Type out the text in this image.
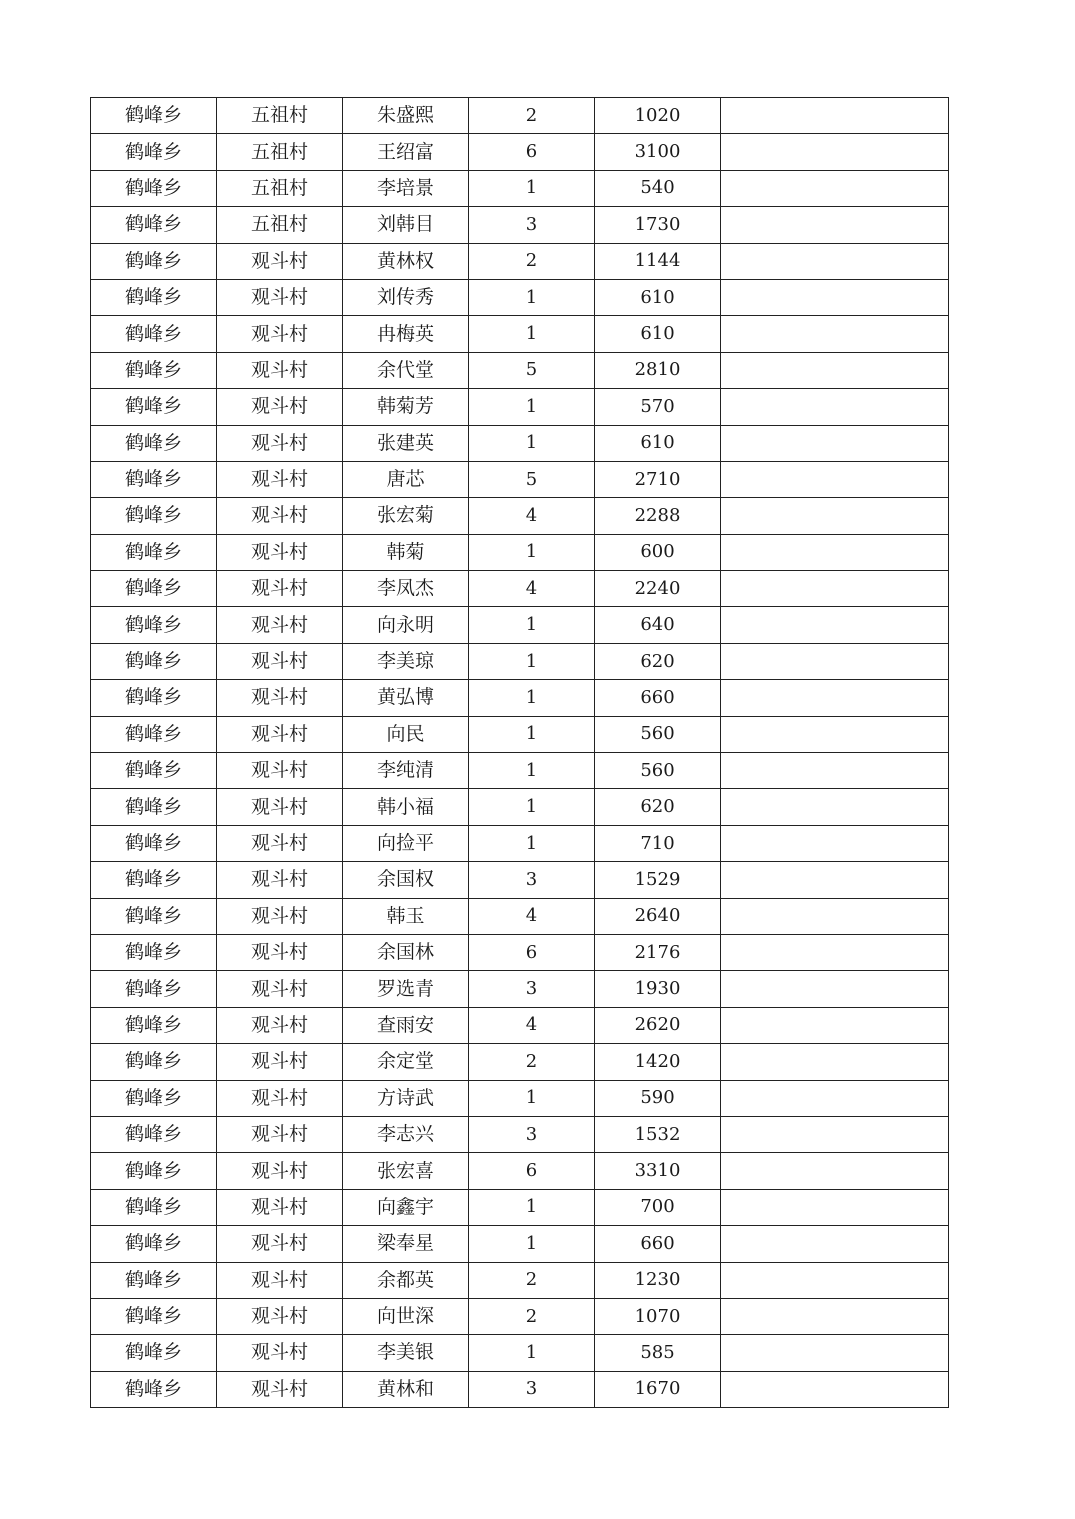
鹤峰乡	五祖村	朱盛熙	2	1020	
鹤峰乡	五祖村	王绍富	6	3100	
鹤峰乡	五祖村	李培景	1	540	
鹤峰乡	五祖村	刘韩目	3	1730	
鹤峰乡	观斗村	黄林权	2	1144	
鹤峰乡	观斗村	刘传秀	1	610	
鹤峰乡	观斗村	冉梅英	1	610	
鹤峰乡	观斗村	余代堂	5	2810	
鹤峰乡	观斗村	韩菊芳	1	570	
鹤峰乡	观斗村	张建英	1	610	
鹤峰乡	观斗村	唐芯	5	2710	
鹤峰乡	观斗村	张宏菊	4	2288	
鹤峰乡	观斗村	韩菊	1	600	
鹤峰乡	观斗村	李凤杰	4	2240	
鹤峰乡	观斗村	向永明	1	640	
鹤峰乡	观斗村	李美琼	1	620	
鹤峰乡	观斗村	黄弘博	1	660	
鹤峰乡	观斗村	向民	1	560	
鹤峰乡	观斗村	李纯清	1	560	
鹤峰乡	观斗村	韩小福	1	620	
鹤峰乡	观斗村	向捡平	1	710	
鹤峰乡	观斗村	余国权	3	1529	
鹤峰乡	观斗村	韩玉	4	2640	
鹤峰乡	观斗村	余国林	6	2176	
鹤峰乡	观斗村	罗选青	3	1930	
鹤峰乡	观斗村	查雨安	4	2620	
鹤峰乡	观斗村	余定堂	2	1420	
鹤峰乡	观斗村	方诗武	1	590	
鹤峰乡	观斗村	李志兴	3	1532	
鹤峰乡	观斗村	张宏喜	6	3310	
鹤峰乡	观斗村	向鑫宇	1	700	
鹤峰乡	观斗村	梁奉星	1	660	
鹤峰乡	观斗村	余都英	2	1230	
鹤峰乡	观斗村	向世深	2	1070	
鹤峰乡	观斗村	李美银	1	585	
鹤峰乡	观斗村	黄林和	3	1670	
